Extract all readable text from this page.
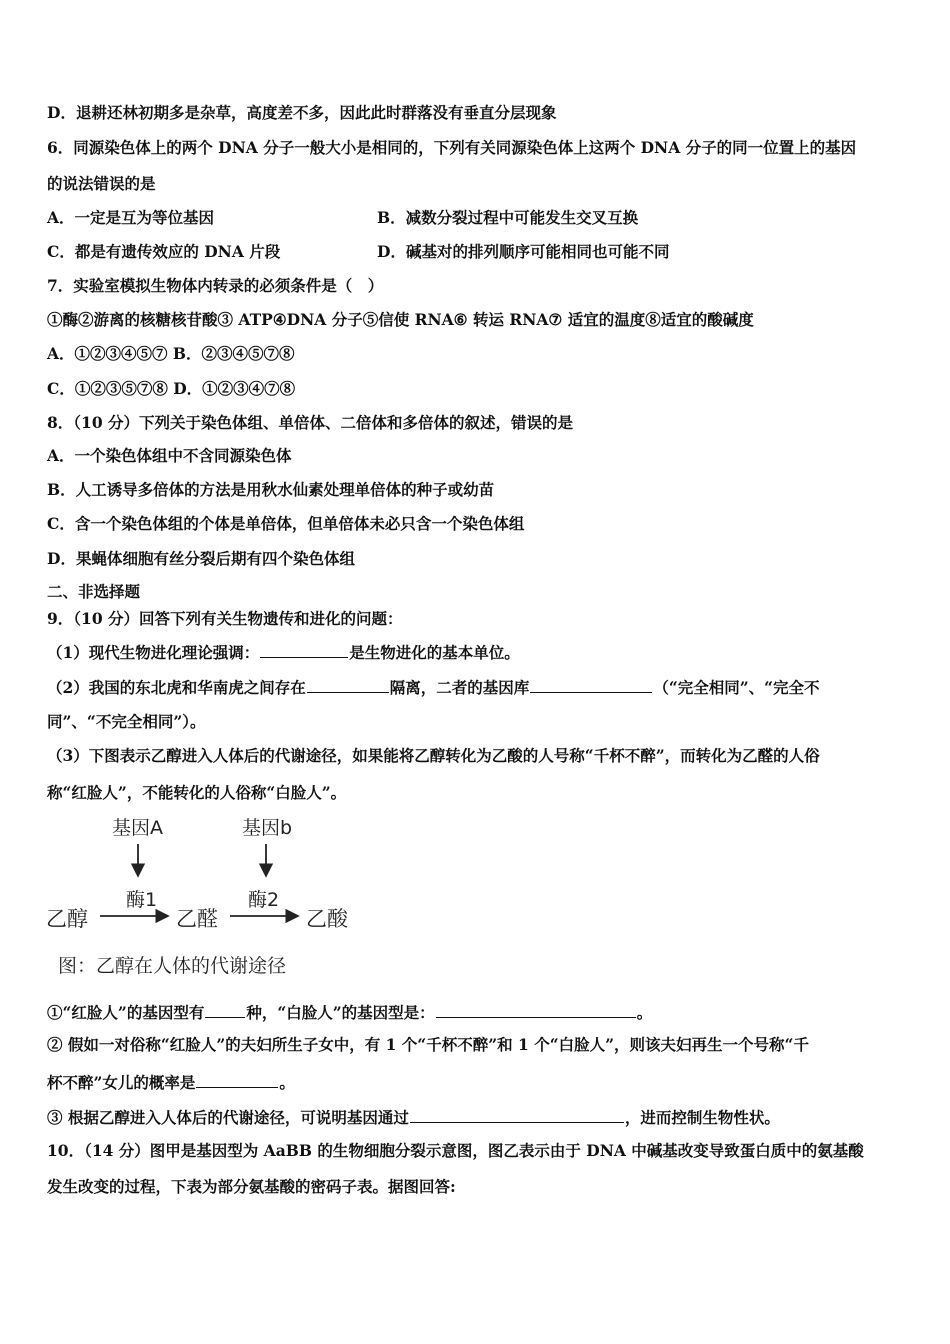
D．退耕还林初期多是杂草，高度差不多，因此此时群落没有垂直分层现象
6．同源染色体上的两个 DNA 分子一般大小是相同的，下列有关同源染色体上这两个 DNA 分子的同一位置上的基因
的说法错误的是
A．一定是互为等位基因	B．减数分裂过程中可能发生交叉互换
C．都是有遗传效应的 DNA 片段	D．碱基对的排列顺序可能相同也可能不同
7．实验室模拟生物体内转录的必须条件是（　）
①酶②游离的核糖核苷酸③ ATP④DNA 分子⑤信使 RNA⑥ 转运 RNA⑦ 适宜的温度⑧适宜的酸碱度
A．①②③④⑤⑦ B．②③④⑤⑦⑧
C．①②③⑤⑦⑧ D．①②③④⑦⑧
8．（10 分）下列关于染色体组、单倍体、二倍体和多倍体的叙述，错误的是
A．一个染色体组中不含同源染色体
B．人工诱导多倍体的方法是用秋水仙素处理单倍体的种子或幼苗
C．含一个染色体组的个体是单倍体，但单倍体未必只含一个染色体组
D．果蝇体细胞有丝分裂后期有四个染色体组
二、非选择题
9．（10 分）回答下列有关生物遗传和进化的问题：
（1）现代生物进化理论强调：	是生物进化的基本单位。
（2）我国的东北虎和华南虎之间存在	隔离，二者的基因库	（“完全相同”、“完全不
同”、“不完全相同”）。
（3）下图表示乙醇进入人体后的代谢途径，如果能将乙醇转化为乙酸的人号称“千杯不醉”，而转化为乙醛的人俗
称“红脸人”，不能转化的人俗称“白脸人”。
基因A	基因b
酶1	酶2
乙醇	乙醛	乙酸
图：乙醇在人体的代谢途径
①“红脸人”的基因型有	种，“白脸人”的基因型是：	。
② 假如一对俗称“红脸人”的夫妇所生子女中，有 1 个“千杯不醉”和 1 个“白脸人”，则该夫妇再生一个号称“千
杯不醉”女儿的概率是	。
③ 根据乙醇进入人体后的代谢途径，可说明基因通过	，进而控制生物性状。
10．（14 分）图甲是基因型为 AaBB 的生物细胞分裂示意图，图乙表示由于 DNA 中碱基改变导致蛋白质中的氨基酸
发生改变的过程，下表为部分氨基酸的密码子表。据图回答:
